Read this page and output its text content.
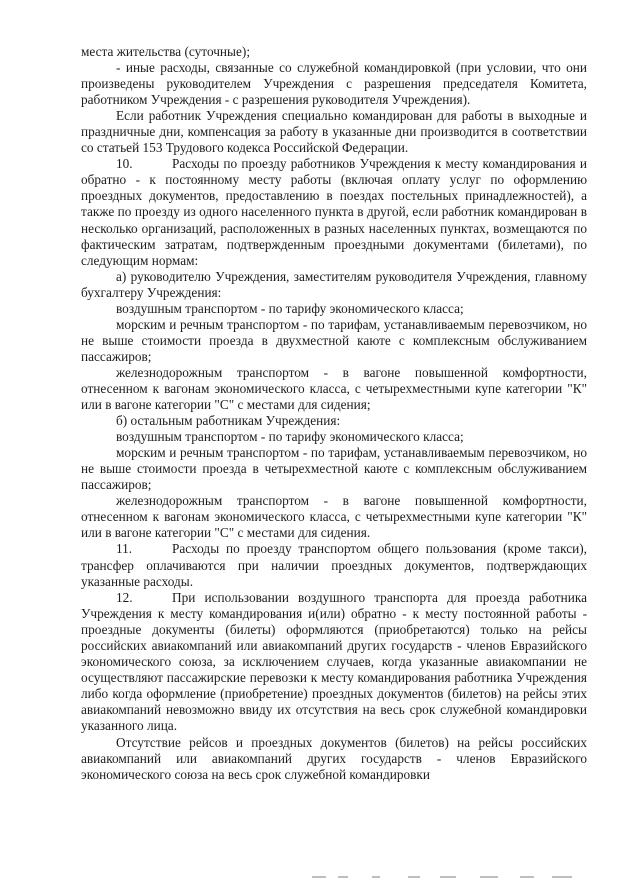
места жительства (суточные);

- иные расходы, связанные со служебной командировкой (при условии, что они произведены руководителем Учреждения с разрешения председателя Комитета, работником Учреждения - с разрешения руководителя Учреждения).

Если работник Учреждения специально командирован для работы в выходные и праздничные дни, компенсация за работу в указанные дни производится в соответствии со статьей 153 Трудового кодекса Российской Федерации.

10.	Расходы по проезду работников Учреждения к месту командирования и обратно - к постоянному месту работы (включая оплату услуг по оформлению проездных документов, предоставлению в поездах постельных принадлежностей), а также по проезду из одного населенного пункта в другой, если работник командирован в несколько организаций, расположенных в разных населенных пунктах, возмещаются по фактическим затратам, подтвержденным проездными документами (билетами), по следующим нормам:

а) руководителю Учреждения, заместителям руководителя Учреждения, главному бухгалтеру Учреждения:

воздушным транспортом - по тарифу экономического класса;

морским и речным транспортом - по тарифам, устанавливаемым перевозчиком, но не выше стоимости проезда в двухместной каюте с комплексным обслуживанием пассажиров;

железнодорожным транспортом - в вагоне повышенной комфортности, отнесенном к вагонам экономического класса, с четырехместными купе категории "К" или в вагоне категории "С" с местами для сидения;

б) остальным работникам Учреждения:

воздушным транспортом - по тарифу экономического класса;

морским и речным транспортом - по тарифам, устанавливаемым перевозчиком, но не выше стоимости проезда в четырехместной каюте с комплексным обслуживанием пассажиров;

железнодорожным транспортом - в вагоне повышенной комфортности, отнесенном к вагонам экономического класса, с четырехместными купе категории "К" или в вагоне категории "С" с местами для сидения.

11.	Расходы по проезду транспортом общего пользования (кроме такси), трансфер оплачиваются при наличии проездных документов, подтверждающих указанные расходы.

12.	При использовании воздушного транспорта для проезда работника Учреждения к месту командирования и(или) обратно - к месту постоянной работы - проездные документы (билеты) оформляются (приобретаются) только на рейсы российских авиакомпаний или авиакомпаний других государств - членов Евразийского экономического союза, за исключением случаев, когда указанные авиакомпании не осуществляют пассажирские перевозки к месту командирования работника Учреждения либо когда оформление (приобретение) проездных документов (билетов) на рейсы этих авиакомпаний невозможно ввиду их отсутствия на весь срок служебной командировки указанного лица.

Отсутствие рейсов и проездных документов (билетов) на рейсы российских авиакомпаний или авиакомпаний других государств - членов Евразийского экономического союза на весь срок служебной командировки
